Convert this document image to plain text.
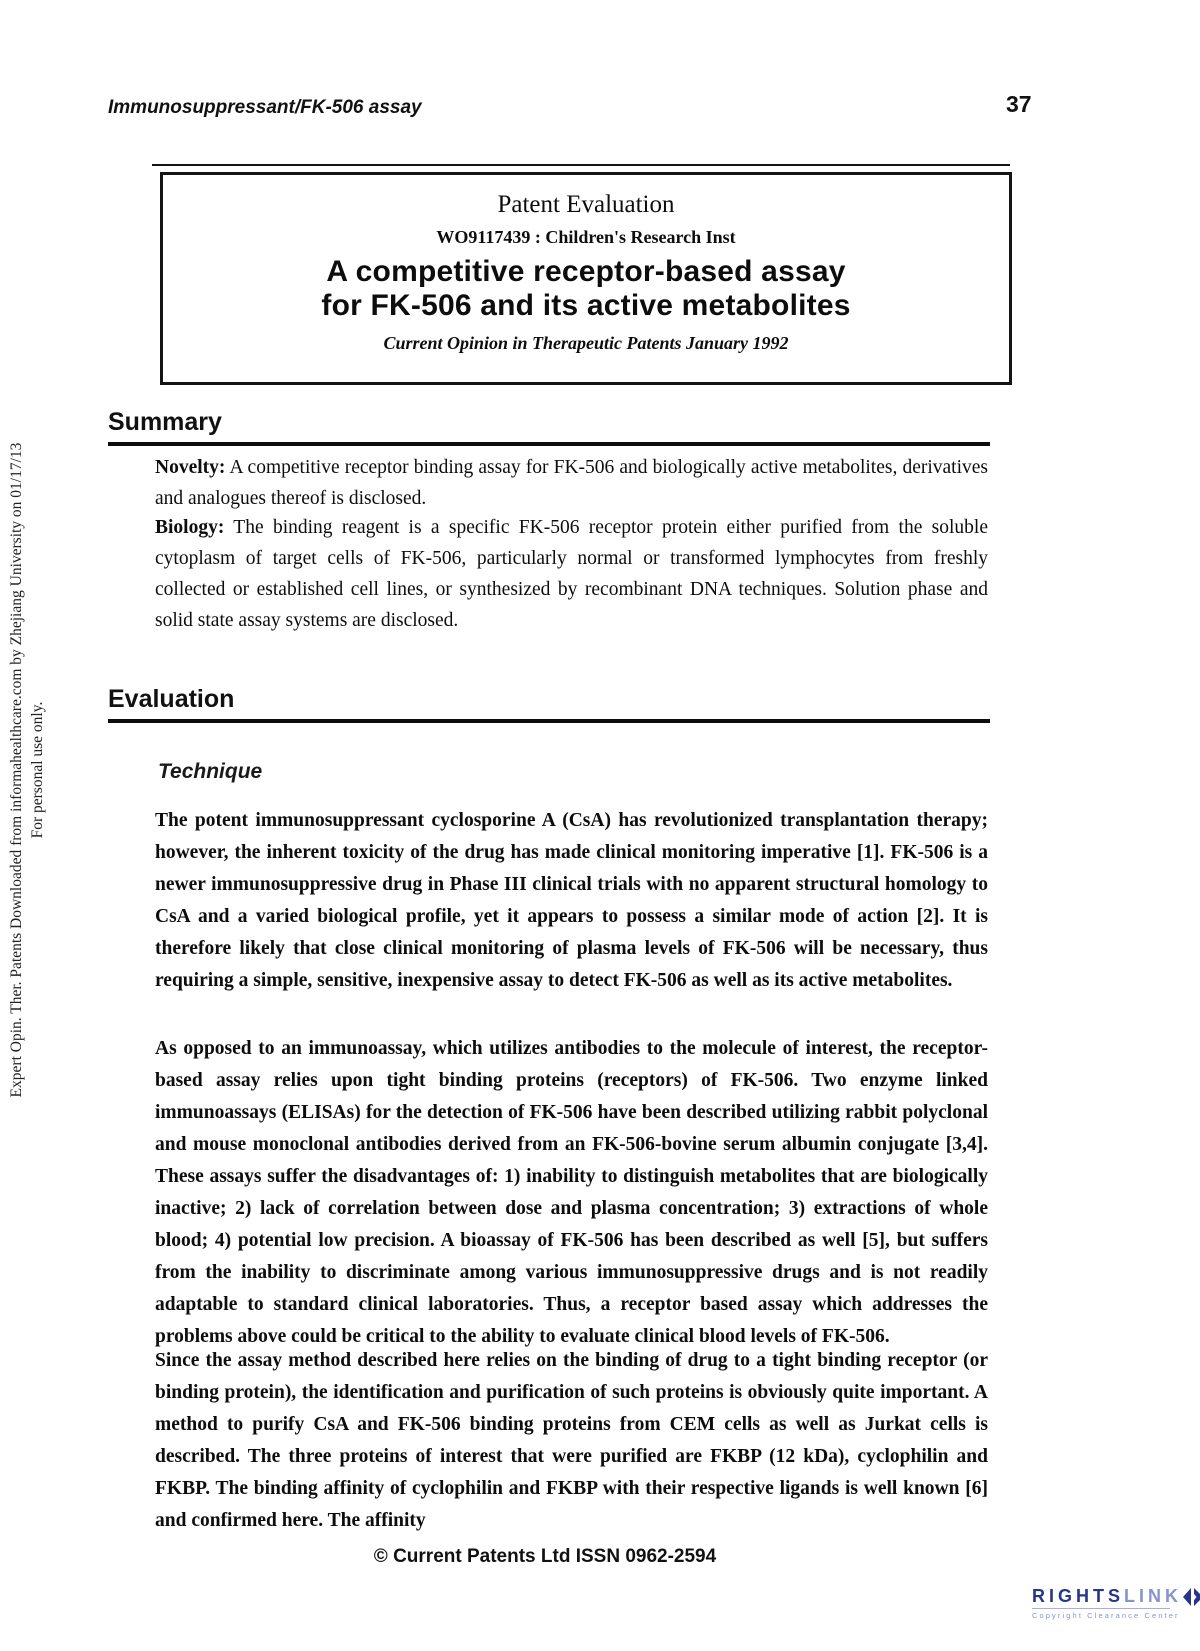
Expert Opin. Ther. Patents Downloaded from informahealthcare.com by Zhejiang University on 01/17/13 For personal use only.
Immunosuppressant/FK-506 assay	37
Patent Evaluation
WO9117439 : Children's Research Inst
A competitive receptor-based assay
for FK-506 and its active metabolites
Current Opinion in Therapeutic Patents January 1992
Summary

Novelty: A competitive receptor binding assay for FK-506 and biologically active metabolites, derivatives and analogues thereof is disclosed.

Biology: The binding reagent is a specific FK-506 receptor protein either purified from the soluble cytoplasm of target cells of FK-506, particularly normal or transformed lymphocytes from freshly collected or established cell lines, or synthesized by recombinant DNA techniques. Solution phase and solid state assay systems are disclosed.

Evaluation
Technique

The potent immunosuppressant cyclosporine A (CsA) has revolutionized transplantation therapy; however, the inherent toxicity of the drug has made clinical monitoring imperative [1]. FK-506 is a newer immunosuppressive drug in Phase III clinical trials with no apparent structural homology to CsA and a varied biological profile, yet it appears to possess a similar mode of action [2]. It is therefore likely that close clinical monitoring of plasma levels of FK-506 will be necessary, thus requiring a simple, sensitive, inexpensive assay to detect FK-506 as well as its active metabolites.

As opposed to an immunoassay, which utilizes antibodies to the molecule of interest, the receptor-based assay relies upon tight binding proteins (receptors) of FK-506. Two enzyme linked immunoassays (ELISAs) for the detection of FK-506 have been described utilizing rabbit polyclonal and mouse monoclonal antibodies derived from an FK-506-bovine serum albumin conjugate [3,4]. These assays suffer the disadvantages of: 1) inability to distinguish metabolites that are biologically inactive; 2) lack of correlation between dose and plasma concentration; 3) extractions of whole blood; 4) potential low precision. A bioassay of FK-506 has been described as well [5], but suffers from the inability to discriminate among various immunosuppressive drugs and is not readily adaptable to standard clinical laboratories. Thus, a receptor based assay which addresses the problems above could be critical to the ability to evaluate clinical blood levels of FK-506.

Since the assay method described here relies on the binding of drug to a tight binding receptor (or binding protein), the identification and purification of such proteins is obviously quite important. A method to purify CsA and FK-506 binding proteins from CEM cells as well as Jurkat cells is described. The three proteins of interest that were purified are FKBP (12 kDa), cyclophilin and FKBP. The binding affinity of cyclophilin and FKBP with their respective ligands is well known [6] and confirmed here. The affinity

© Current Patents Ltd ISSN 0962-2594
RIGHTS LINK
Copyright Clearance Center
